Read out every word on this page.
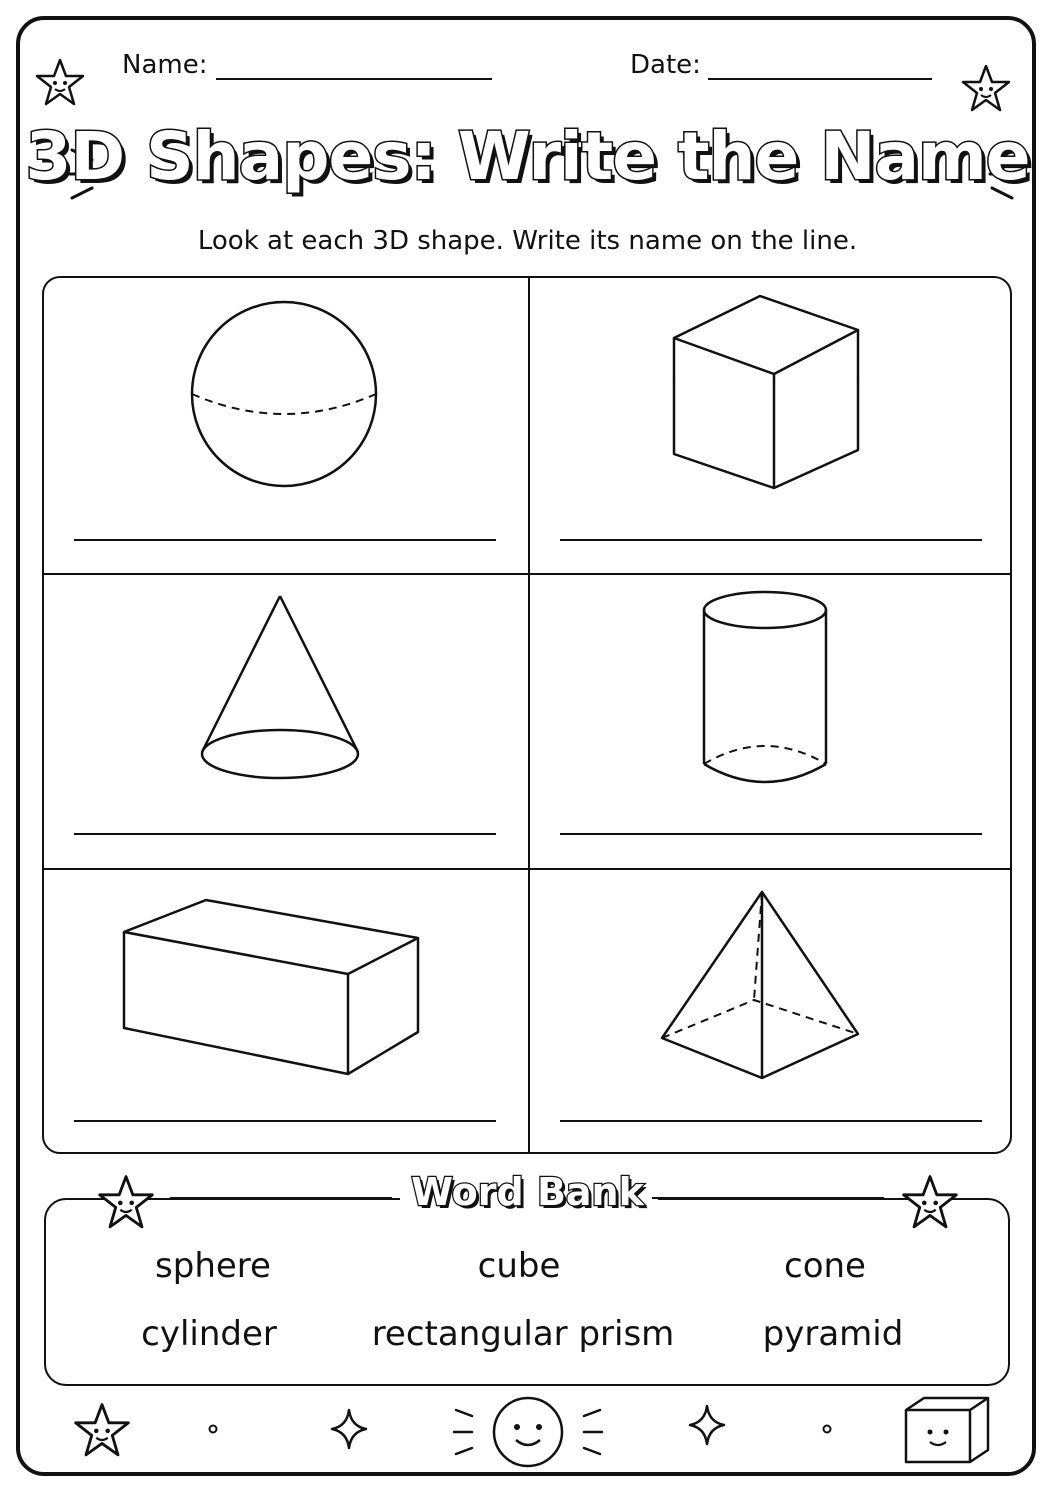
Name:	Date:
3D Shapes: Write the Name
Look at each 3D shape. Write its name on the line.
Word Bank
sphere	cube	cone
cylinder	rectangular prism	pyramid
